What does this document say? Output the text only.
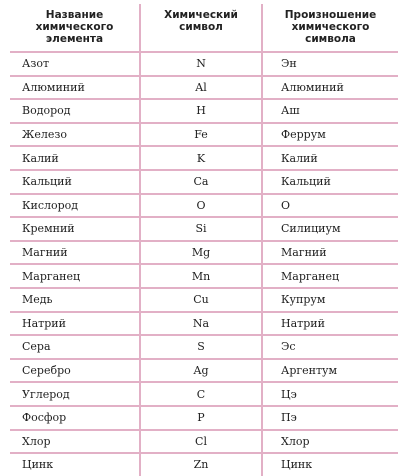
Название химического элемента	Химический символ	Произношение химического символа
Азот	N	Эн
Алюминий	Al	Алюминий
Водород	H	Аш
Железо	Fe	Феррум
Калий	K	Калий
Кальций	Ca	Кальций
Кислород	O	О
Кремний	Si	Силициум
Магний	Mg	Магний
Марганец	Mn	Марганец
Медь	Cu	Купрум
Натрий	Na	Натрий
Сера	S	Эс
Серебро	Ag	Аргентум
Углерод	C	Цэ
Фосфор	P	Пэ
Хлор	Cl	Хлор
Цинк	Zn	Цинк
